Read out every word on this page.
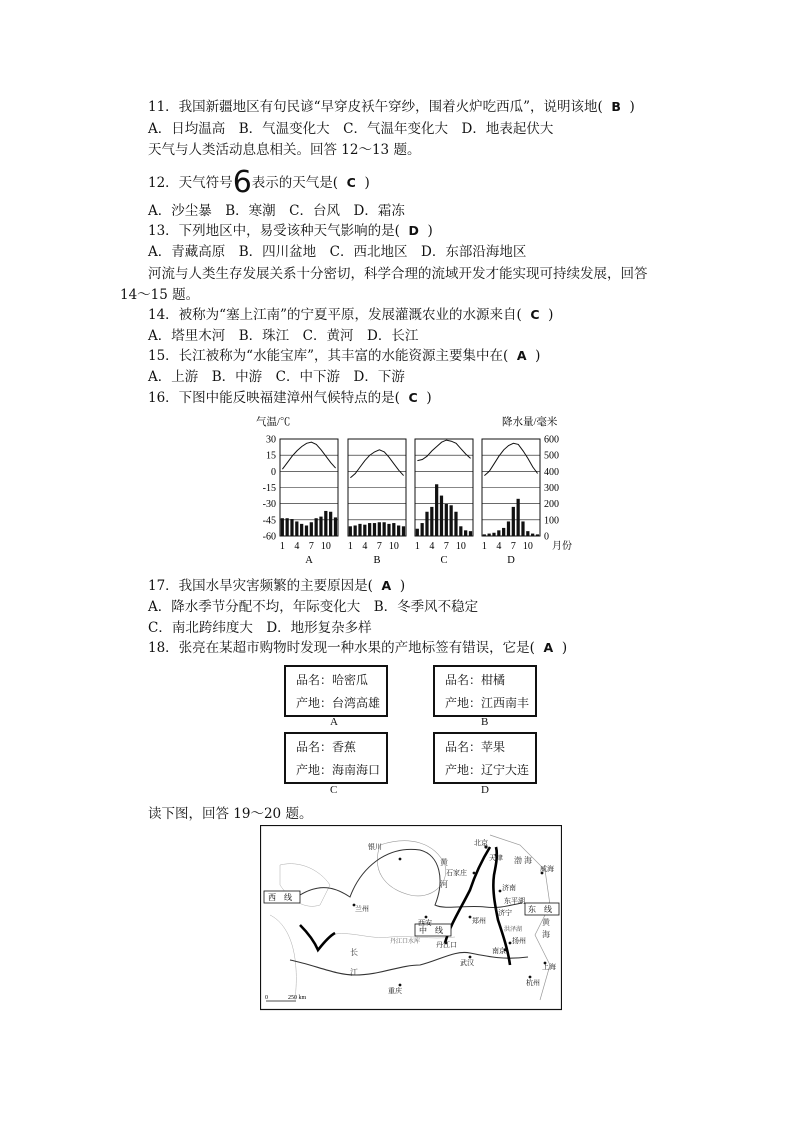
11．我国新疆地区有句民谚“早穿皮袄午穿纱，围着火炉吃西瓜”，说明该地( B )
A．日均温高　B．气温变化大　C．气温年变化大　D．地表起伏大
天气与人类活动息息相关。回答 12～13 题。
12．天气符号6表示的天气是( C )
A．沙尘暴　B．寒潮　C．台风　D．霜冻
13．下列地区中，易受该种天气影响的是( D )
A．青藏高原　B．四川盆地　C．西北地区　D．东部沿海地区
河流与人类生存发展关系十分密切，科学合理的流域开发才能实现可持续发展，回答
14～15 题。
14．被称为“塞上江南”的宁夏平原，发展灌溉农业的水源来自( C )
A．塔里木河　B．珠江　C．黄河　D．长江
15．长江被称为“水能宝库”，其丰富的水能资源主要集中在( A )
A．上游　B．中游　C．中下游　D．下游
16．下图中能反映福建漳州气候特点的是( C )
气温/℃	降水量/毫米
30
15
0
-15
-30
-45
-60
600
500
400
300
200
100
0
1 4 7 10
A
1 4 7 10
B
1 4 7 10
C
1 4 7 10
D
月份
17．我国水旱灾害频繁的主要原因是( A )
A．降水季节分配不均，年际变化大　B．冬季风不稳定
C．南北跨纬度大　D．地形复杂多样
18．张亮在某超市购物时发现一种水果的产地标签有错误，它是( A )
品名：哈密瓜
产地：台湾高雄
A
品名：柑橘
产地：江西南丰
B
品名：香蕉
产地：海南海口
C
品名：苹果
产地：辽宁大连
D
读下图，回答 19～20 题。
西　线
中　线
东　线
北京
天津
石家庄
济南
威海
银川
兰州
西安	郑州
丹江口
武汉
重庆
扬州
南京
上海
杭州
东平湖
济宁
黄
河
长
江
渤 海
黄
海
丹江口水库
洪泽湖
0	250 km
